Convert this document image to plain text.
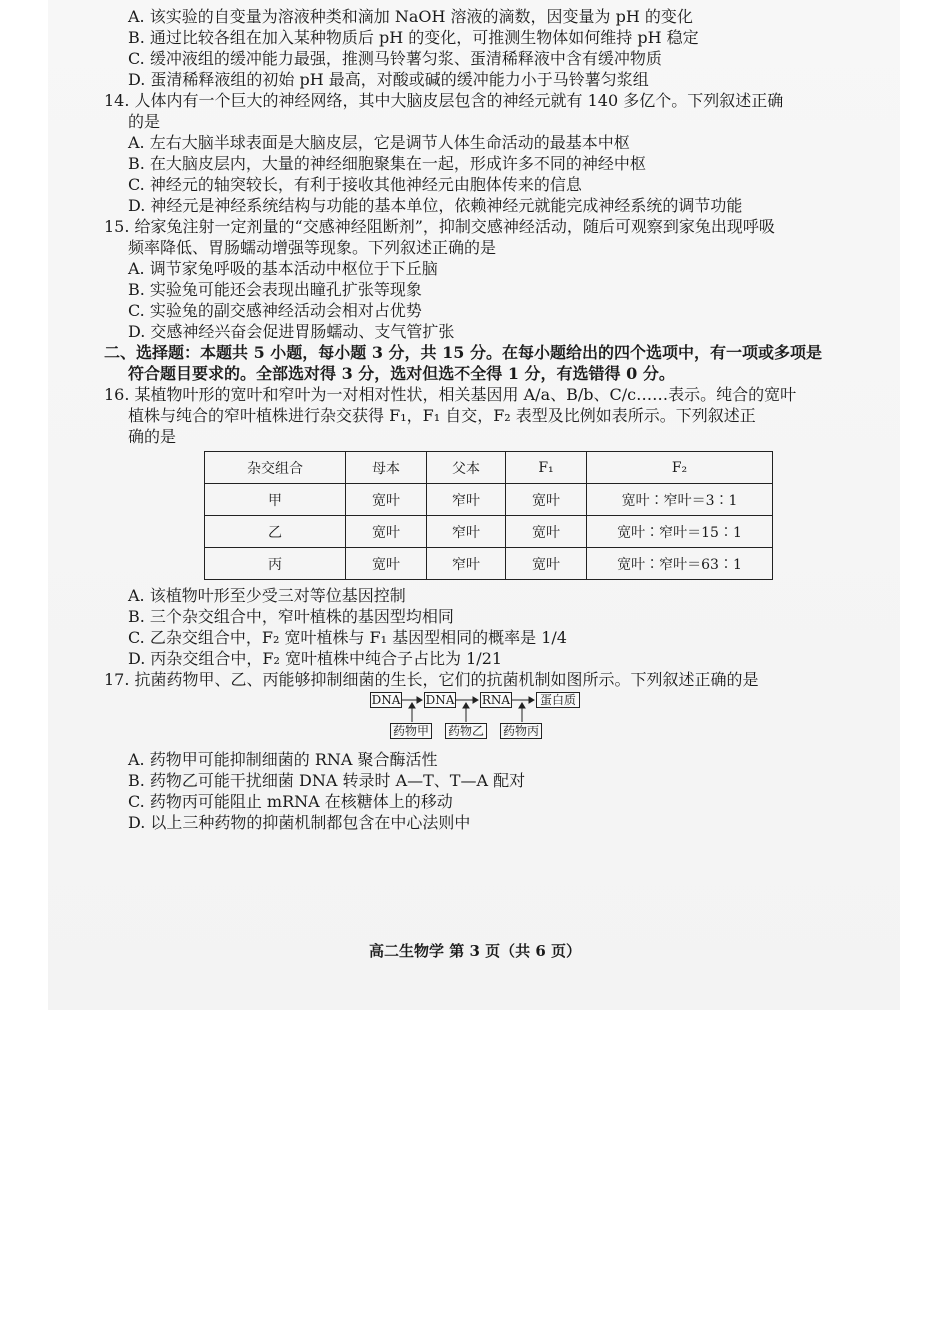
A. 该实验的自变量为溶液种类和滴加 NaOH 溶液的滴数，因变量为 pH 的变化
B. 通过比较各组在加入某种物质后 pH 的变化，可推测生物体如何维持 pH 稳定
C. 缓冲液组的缓冲能力最强，推测马铃薯匀浆、蛋清稀释液中含有缓冲物质
D. 蛋清稀释液组的初始 pH 最高，对酸或碱的缓冲能力小于马铃薯匀浆组
14. 人体内有一个巨大的神经网络，其中大脑皮层包含的神经元就有 140 多亿个。下列叙述正确
的是
A. 左右大脑半球表面是大脑皮层，它是调节人体生命活动的最基本中枢
B. 在大脑皮层内，大量的神经细胞聚集在一起，形成许多不同的神经中枢
C. 神经元的轴突较长，有利于接收其他神经元由胞体传来的信息
D. 神经元是神经系统结构与功能的基本单位，依赖神经元就能完成神经系统的调节功能
15. 给家兔注射一定剂量的“交感神经阻断剂”，抑制交感神经活动，随后可观察到家兔出现呼吸
频率降低、胃肠蠕动增强等现象。下列叙述正确的是
A. 调节家兔呼吸的基本活动中枢位于下丘脑
B. 实验兔可能还会表现出瞳孔扩张等现象
C. 实验兔的副交感神经活动会相对占优势
D. 交感神经兴奋会促进胃肠蠕动、支气管扩张
二、选择题：本题共 5 小题，每小题 3 分，共 15 分。在每小题给出的四个选项中，有一项或多项是
符合题目要求的。全部选对得 3 分，选对但选不全得 1 分，有选错得 0 分。
16. 某植物叶形的宽叶和窄叶为一对相对性状，相关基因用 A/a、B/b、C/c……表示。纯合的宽叶
植株与纯合的窄叶植株进行杂交获得 F₁，F₁ 自交，F₂ 表型及比例如表所示。下列叙述正
确的是
杂交组合	母本	父本	F₁	F₂
甲	宽叶	窄叶	宽叶	宽叶∶窄叶＝3∶1
乙	宽叶	窄叶	宽叶	宽叶∶窄叶＝15∶1
丙	宽叶	窄叶	宽叶	宽叶∶窄叶＝63∶1
A. 该植物叶形至少受三对等位基因控制
B. 三个杂交组合中，窄叶植株的基因型均相同
C. 乙杂交组合中，F₂ 宽叶植株与 F₁ 基因型相同的概率是 1/4
D. 丙杂交组合中，F₂ 宽叶植株中纯合子占比为 1/21
17. 抗菌药物甲、乙、丙能够抑制细菌的生长，它们的抗菌机制如图所示。下列叙述正确的是
DNA DNA RNA	蛋白质
药物甲 药物乙 药物丙
A. 药物甲可能抑制细菌的 RNA 聚合酶活性
B. 药物乙可能干扰细菌 DNA 转录时 A—T、T—A 配对
C. 药物丙可能阻止 mRNA 在核糖体上的移动
D. 以上三种药物的抑菌机制都包含在中心法则中
高二生物学 第 3 页（共 6 页）
